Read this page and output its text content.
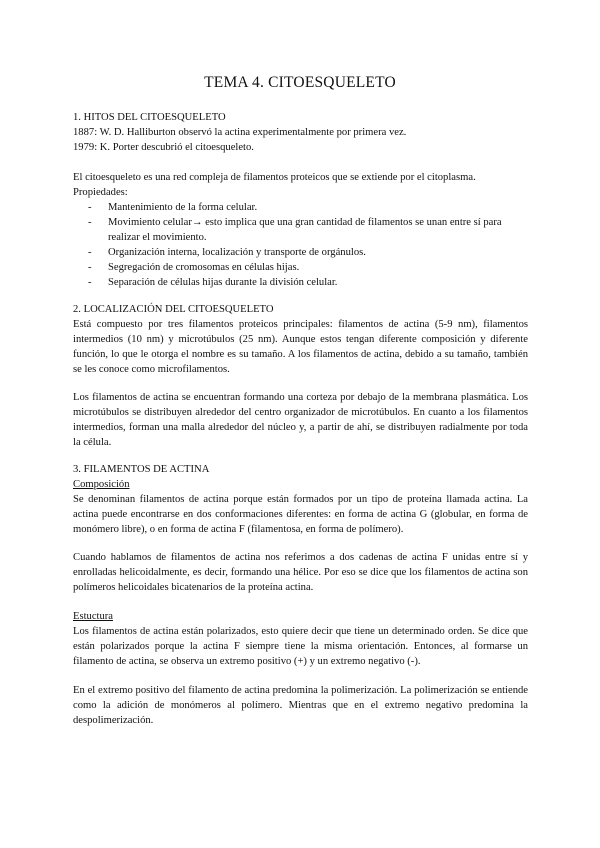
TEMA 4. CITOESQUELETO

1. HITOS DEL CITOESQUELETO

1887: W. D. Halliburton observó la actina experimentalmente por primera vez.

1979: K. Porter descubrió el citoesqueleto.

El citoesqueleto es una red compleja de filamentos proteicos que se extiende por el citoplasma.

Propiedades:

- Mantenimiento de la forma celular.
- Movimiento celular→ esto implica que una gran cantidad de filamentos se unan entre sí para realizar el movimiento.
- Organización interna, localización y transporte de orgánulos.
- Segregación de cromosomas en células hijas.
- Separación de células hijas durante la división celular.

2. LOCALIZACIÓN DEL CITOESQUELETO

Está compuesto por tres filamentos proteicos principales: filamentos de actina (5-9 nm), filamentos intermedios (10 nm) y microtúbulos (25 nm). Aunque estos tengan diferente composición y diferente función, lo que le otorga el nombre es su tamaño. A los filamentos de actina, debido a su tamaño, también se les conoce como microfilamentos.

Los filamentos de actina se encuentran formando una corteza por debajo de la membrana plasmática. Los microtúbulos se distribuyen alrededor del centro organizador de microtúbulos. En cuanto a los filamentos intermedios, forman una malla alrededor del núcleo y, a partir de ahí, se distribuyen radialmente por toda la célula.

3. FILAMENTOS DE ACTINA

Composición

Se denominan filamentos de actina porque están formados por un tipo de proteína llamada actina. La actina puede encontrarse en dos conformaciones diferentes: en forma de actina G (globular, en forma de monómero libre), o en forma de actina F (filamentosa, en forma de polímero).

Cuando hablamos de filamentos de actina nos referimos a dos cadenas de actina F unidas entre sí y enrolladas helicoidalmente, es decir, formando una hélice. Por eso se dice que los filamentos de actina son polímeros helicoidales bicatenarios de la proteína actina.

Estuctura

Los filamentos de actina están polarizados, esto quiere decir que tiene un determinado orden. Se dice que están polarizados porque la actina F siempre tiene la misma orientación. Entonces, al formarse un filamento de actina, se observa un extremo positivo (+) y un extremo negativo (-).

En el extremo positivo del filamento de actina predomina la polimerización. La polimerización se entiende como la adición de monómeros al polímero. Mientras que en el extremo negativo predomina la despolimerización.
